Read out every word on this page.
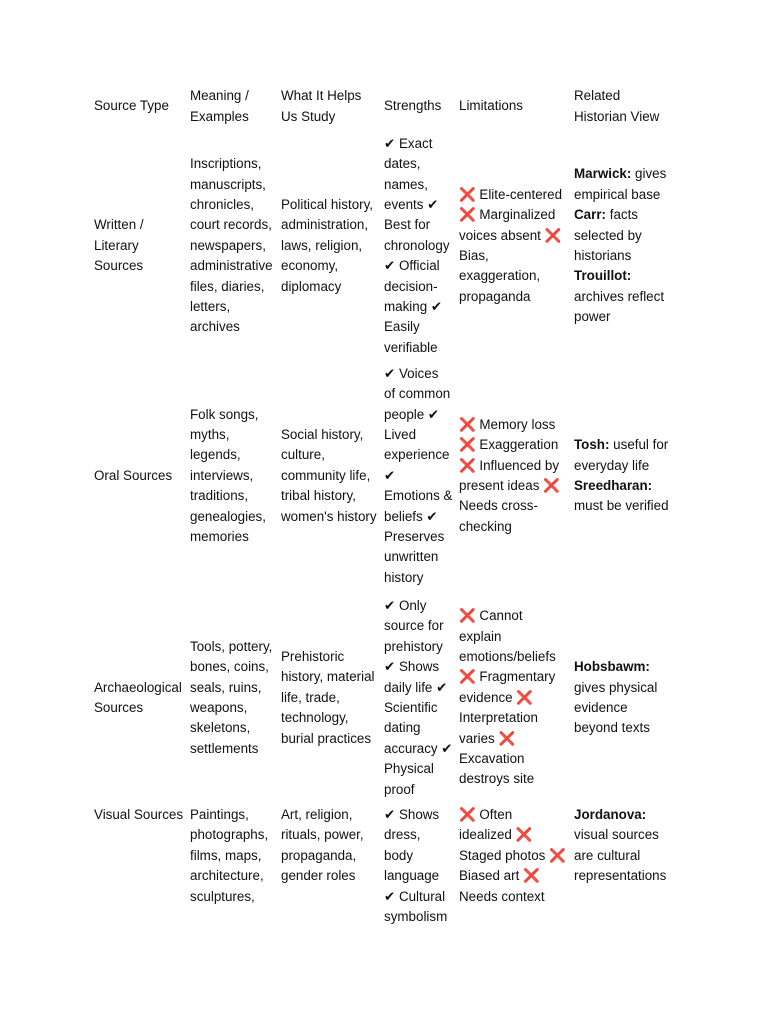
Source Type	Meaning / Examples	What It Helps Us Study	Strengths	Limitations	Related Historian View
Written / Literary Sources	Inscriptions, manuscripts, chronicles, court records, newspapers, administrative files, diaries, letters, archives	Political history, administration, laws, religion, economy, diplomacy	✔ Exact dates, names, events ✔ Best for chronology ✔ Official decision-making ✔ Easily verifiable	❌ Elite-centered ❌ Marginalized voices absent ❌ Bias, exaggeration, propaganda	Marwick: gives empirical base Carr: facts selected by historians Trouillot: archives reflect power
Oral Sources	Folk songs, myths, legends, interviews, traditions, genealogies, memories	Social history, culture, community life, tribal history, women's history	✔ Voices of common people ✔ Lived experience ✔ Emotions & beliefs ✔ Preserves unwritten history	❌ Memory loss ❌ Exaggeration ❌ Influenced by present ideas ❌ Needs cross-checking	Tosh: useful for everyday life Sreedharan: must be verified
Archaeological Sources	Tools, pottery, bones, coins, seals, ruins, weapons, skeletons, settlements	Prehistoric history, material life, trade, technology, burial practices	✔ Only source for prehistory ✔ Shows daily life ✔ Scientific dating accuracy ✔ Physical proof	❌ Cannot explain emotions/beliefs ❌ Fragmentary evidence ❌ Interpretation varies ❌ Excavation destroys site	Hobsbawm: gives physical evidence beyond texts
Visual Sources	Paintings, photographs, films, maps, architecture, sculptures,	Art, religion, rituals, power, propaganda, gender roles	✔ Shows dress, body language ✔ Cultural symbolism	❌ Often idealized ❌ Staged photos ❌ Biased art ❌ Needs context	Jordanova: visual sources are cultural representations
